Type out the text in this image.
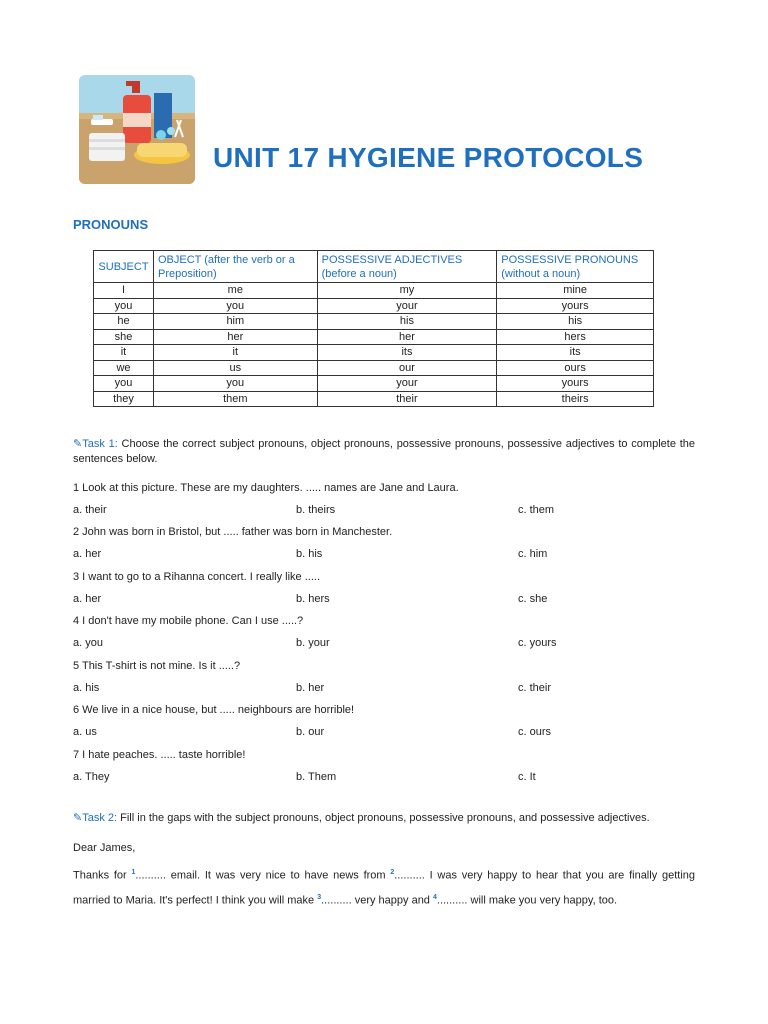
UNIT 17 HYGIENE PROTOCOLS
PRONOUNS
SUBJECT	OBJECT (after the verb or a Preposition)	POSSESSIVE ADJECTIVES (before a noun)	POSSESSIVE PRONOUNS (without a noun)
I	me	my	mine
you	you	your	yours
he	him	his	his
she	her	her	hers
it	it	its	its
we	us	our	ours
you	you	your	yours
they	them	their	theirs
✎Task 1: Choose the correct subject pronouns, object pronouns, possessive pronouns, possessive adjectives to complete the sentences below.
1 Look at this picture. These are my daughters. ..... names are Jane and Laura.
a. their	b. theirs	c. them
2 John was born in Bristol, but ..... father was born in Manchester.
a. her	b. his	c. him
3 I want to go to a Rihanna concert. I really like .....
a. her	b. hers	c. she
4 I don't have my mobile phone. Can I use .....?
a. you	b. your	c. yours
5 This T-shirt is not mine. Is it .....?
a. his	b. her	c. their
6 We live in a nice house, but ..... neighbours are horrible!
a. us	b. our	c. ours
7 I hate peaches. ..... taste horrible!
a. They	b. Them	c. It
✎Task 2: Fill in the gaps with the subject pronouns, object pronouns, possessive pronouns, and possessive adjectives.
Dear James,
Thanks for $^1$.......... email. It was very nice to have news from $^2$.......... I was very happy to hear that you are finally getting married to Maria. It's perfect! I think you will make $^3$.......... very happy and $^4$.......... will make you very happy, too.
